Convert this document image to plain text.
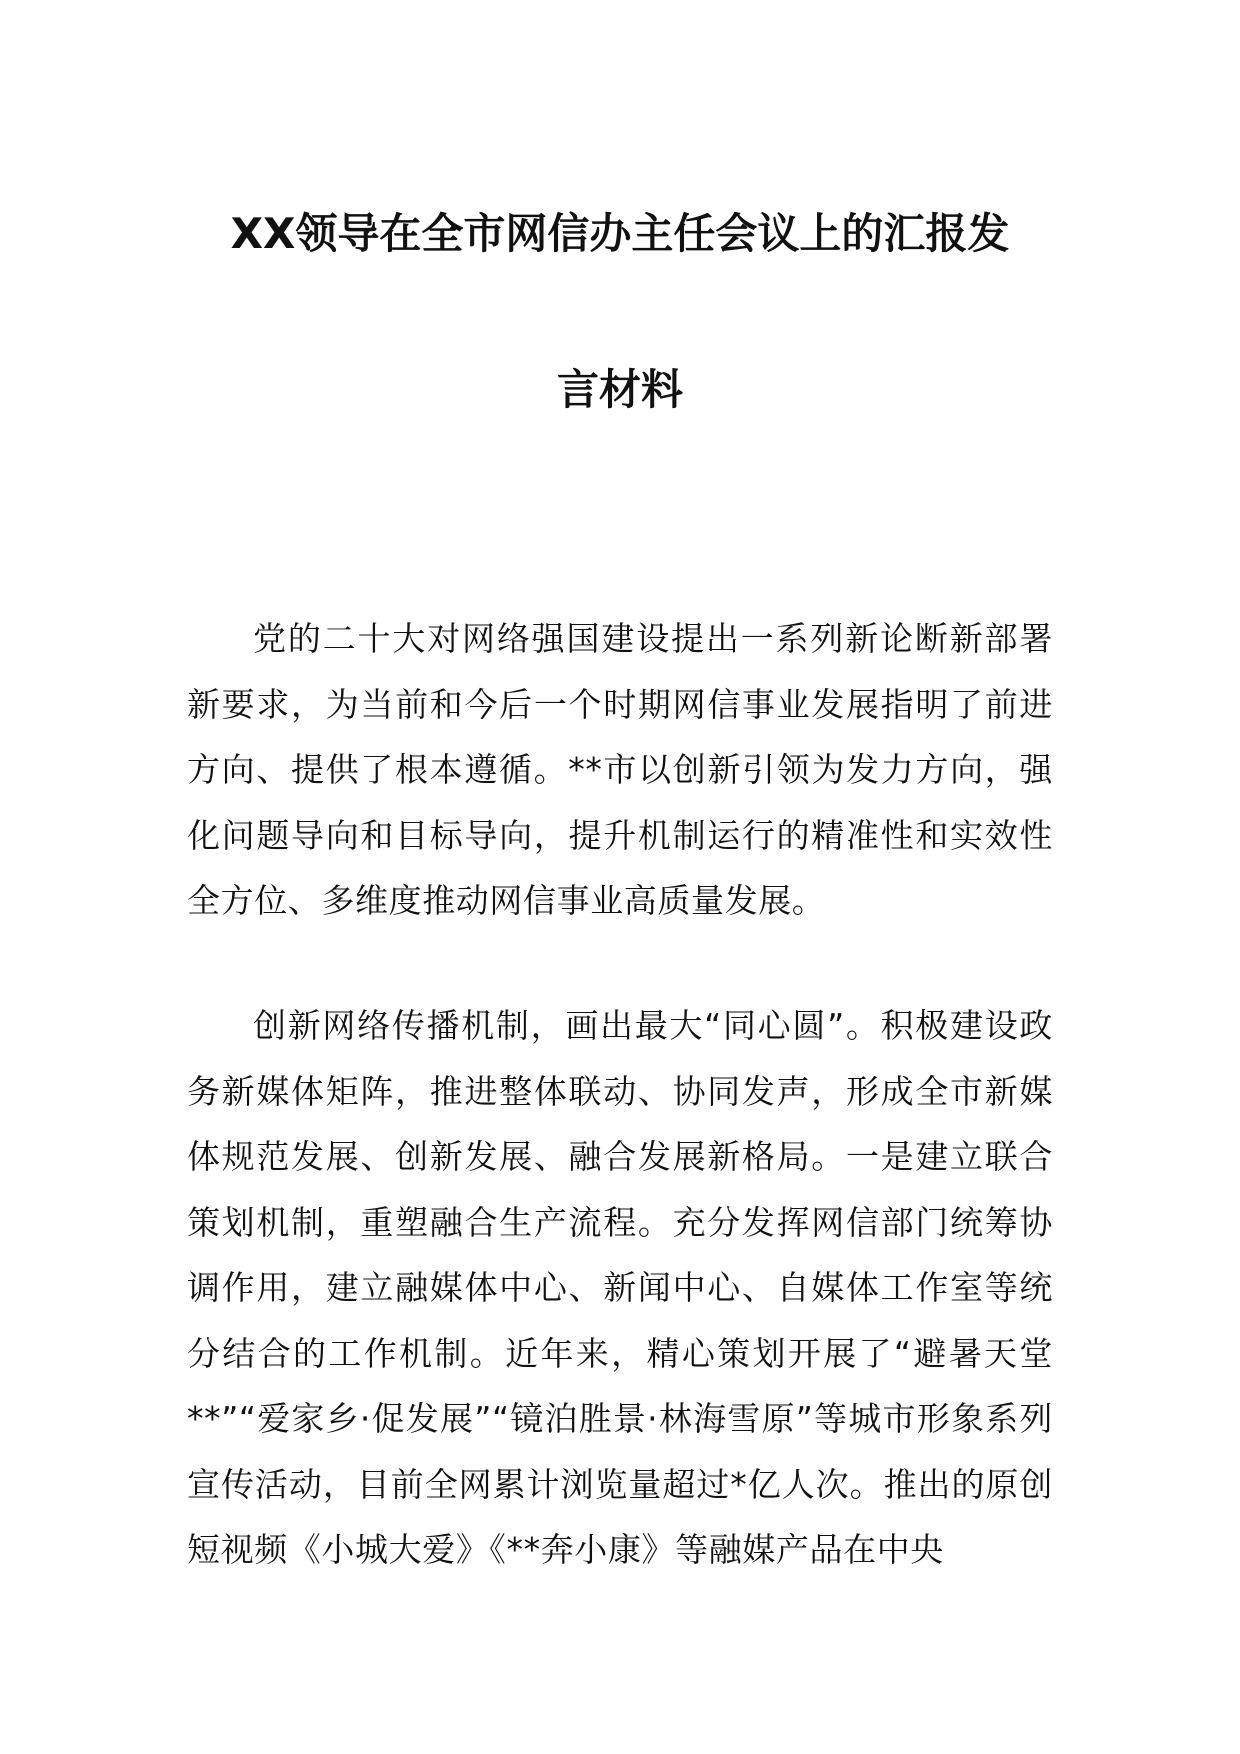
XX领导在全市网信办主任会议上的汇报发
言材料

党的二十大对网络强国建设提出一系列新论断新部署新要求，为当前和今后一个时期网信事业发展指明了前进方向、提供了根本遵循。**市以创新引领为发力方向，强化问题导向和目标导向，提升机制运行的精准性和实效性全方位、多维度推动网信事业高质量发展。

创新网络传播机制，画出最大“同心圆”。积极建设政务新媒体矩阵，推进整体联动、协同发声，形成全市新媒体规范发展、创新发展、融合发展新格局。一是建立联合策划机制，重塑融合生产流程。充分发挥网信部门统筹协调作用，建立融媒体中心、新闻中心、自媒体工作室等统分结合的工作机制。近年来，精心策划开展了“避暑天堂**”“爱家乡·促发展”“镜泊胜景·林海雪原”等城市形象系列宣传活动，目前全网累计浏览量超过*亿人次。推出的原创短视频《小城大爱》《**奔小康》等融媒产品在中央
